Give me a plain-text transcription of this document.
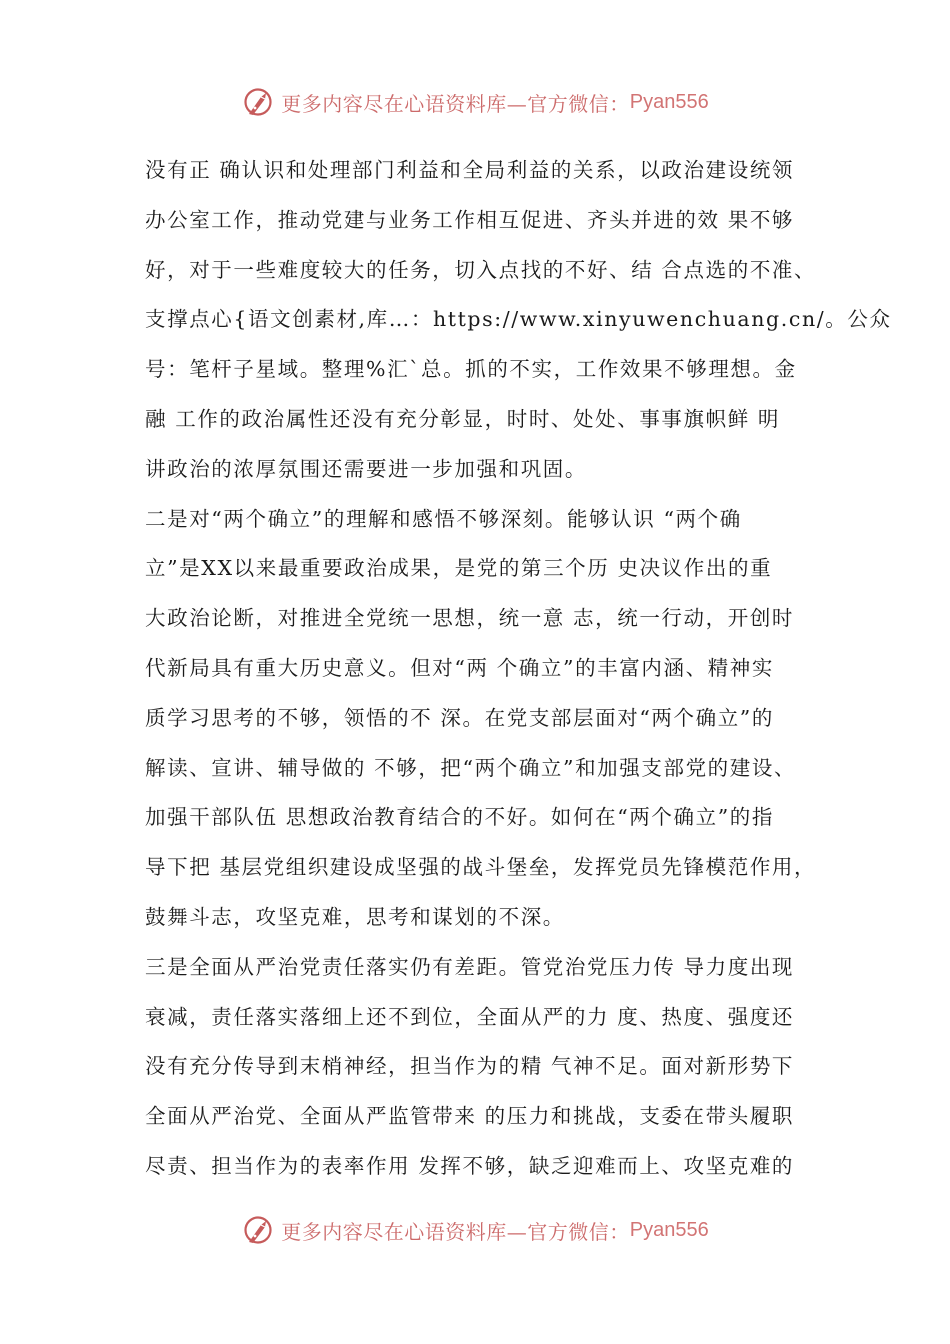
更多内容尽在心语资料库—官方微信： Pyan556
没有正 确认识和处理部门利益和全局利益的关系，以政治建设统领
办公室工作，推动党建与业务工作相互促进、齐头并进的效 果不够
好，对于一些难度较大的任务，切入点找的不好、结 合点选的不准、
支撑点心{语文创素材,库…：https://www.xinyuwenchuang.cn/。公众
号：笔杆子星域。整理%汇`总。抓的不实，工作效果不够理想。金
融 工作的政治属性还没有充分彰显，时时、处处、事事旗帜鲜 明
讲政治的浓厚氛围还需要进一步加强和巩固。
二是对“两个确立”的理解和感悟不够深刻。能够认识 “两个确
立”是XX以来最重要政治成果，是党的第三个历 史决议作出的重
大政治论断，对推进全党统一思想，统一意 志，统一行动，开创时
代新局具有重大历史意义。但对“两 个确立”的丰富内涵、精神实
质学习思考的不够，领悟的不 深。在党支部层面对“两个确立”的
解读、宣讲、辅导做的 不够，把“两个确立”和加强支部党的建设、
加强干部队伍 思想政治教育结合的不好。如何在“两个确立”的指
导下把 基层党组织建设成坚强的战斗堡垒，发挥党员先锋模范作用，
鼓舞斗志，攻坚克难，思考和谋划的不深。
三是全面从严治党责任落实仍有差距。管党治党压力传 导力度出现
衰减，责任落实落细上还不到位，全面从严的力 度、热度、强度还
没有充分传导到末梢神经，担当作为的精 气神不足。面对新形势下
全面从严治党、全面从严监管带来 的压力和挑战，支委在带头履职
尽责、担当作为的表率作用 发挥不够，缺乏迎难而上、攻坚克难的
更多内容尽在心语资料库—官方微信： Pyan556
